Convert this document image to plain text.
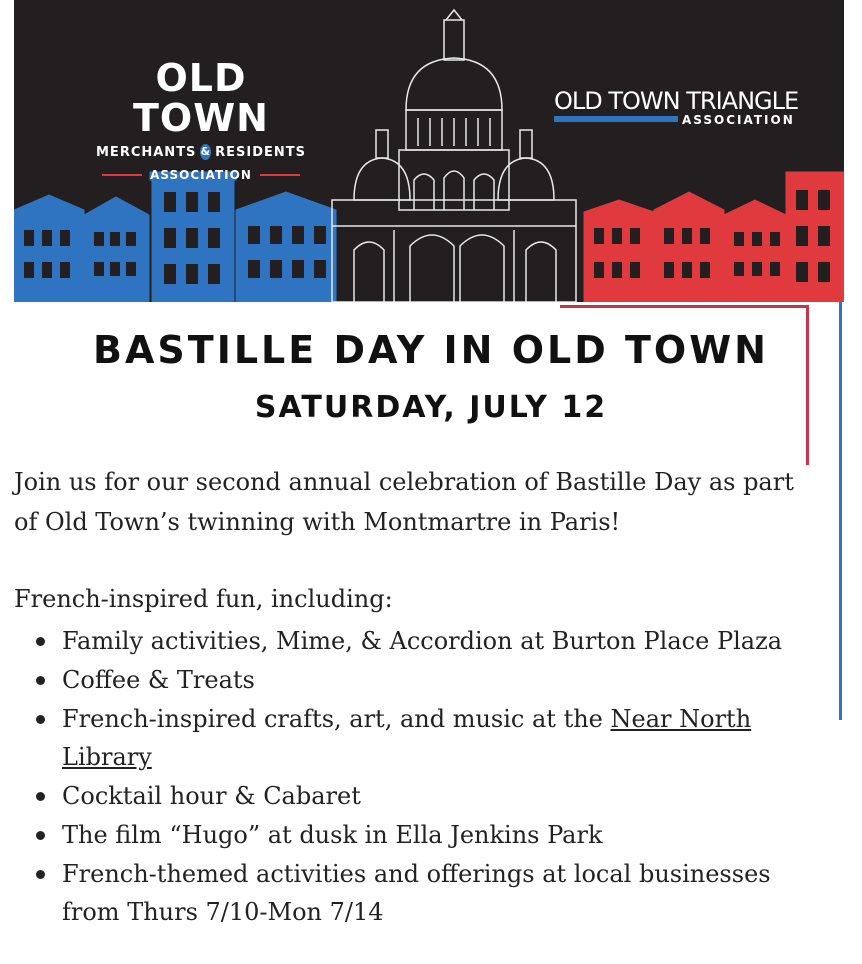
OLD TOWN
MERCHANTS & RESIDENTS
ASSOCIATION
OLD TOWN TRIANGLE
ASSOCIATION
BASTILLE DAY IN OLD TOWN
SATURDAY, JULY 12
Join us for our second annual celebration of Bastille Day as part of Old Town’s twinning with Montmartre in Paris!
French-inspired fun, including:
Family activities, Mime, & Accordion at Burton Place Plaza
Coffee & Treats
French-inspired crafts, art, and music at the Near North Library
Cocktail hour & Cabaret
The film “Hugo” at dusk in Ella Jenkins Park
French-themed activities and offerings at local businesses from Thurs 7/10-Mon 7/14
